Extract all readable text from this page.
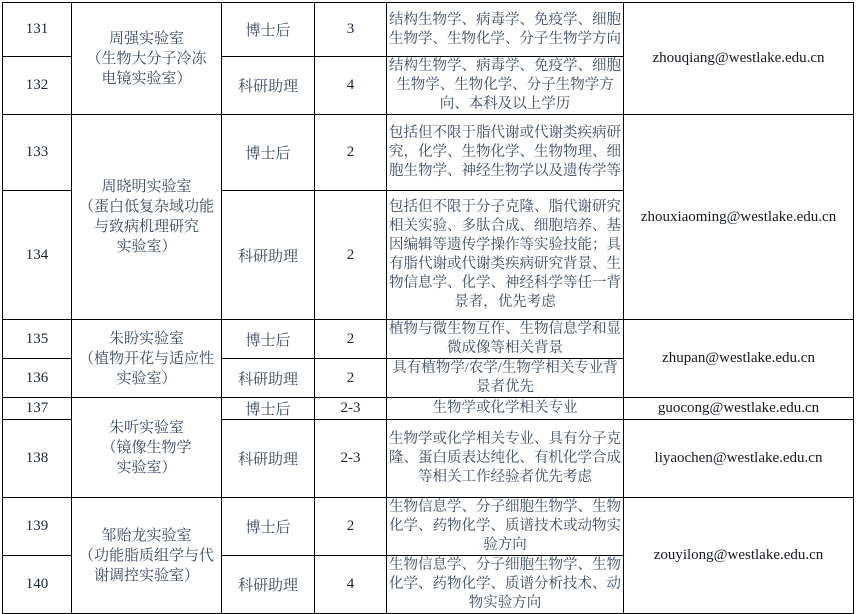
131	周强实验室
（生物大分子冷冻
电镜实验室）	博士后	3	结构生物学、病毒学、免疫学、细胞生物学、生物化学、分子生物学方向	zhouqiang@westlake.edu.cn
132		科研助理	4	结构生物学、病毒学、免疫学、细胞生物学、生物化学、分子生物学方向、本科及以上学历	
133	周晓明实验室
（蛋白低复杂域功能
与致病机理研究
实验室）	博士后	2	包括但不限于脂代谢或代谢类疾病研究，化学、生物化学、生物物理、细胞生物学、神经生物学以及遗传学等	zhouxiaoming@westlake.edu.cn
134		科研助理	2	包括但不限于分子克隆、脂代谢研究相关实验、多肽合成、细胞培养、基因编辑等遗传学操作等实验技能；具有脂代谢或代谢类疾病研究背景、生物信息学、化学、神经科学等任一背景者，优先考虑	
135	朱盼实验室
（植物开花与适应性
实验室）	博士后	2	植物与微生物互作、生物信息学和显微成像等相关背景	zhupan@westlake.edu.cn
136		科研助理	2	具有植物学/农学/生物学相关专业背景者优先	
137	朱听实验室
（镜像生物学
实验室）	博士后	2-3	生物学或化学相关专业	guocong@westlake.edu.cn
138		科研助理	2-3	生物学或化学相关专业、具有分子克隆、蛋白质表达纯化、有机化学合成等相关工作经验者优先考虑	liyaochen@westlake.edu.cn
139	邹贻龙实验室
（功能脂质组学与代
谢调控实验室）	博士后	2	生物信息学、分子细胞生物学、生物化学、药物化学、质谱技术或动物实验方向	zouyilong@westlake.edu.cn
140		科研助理	4	生物信息学、分子细胞生物学、生物化学、药物化学、质谱分析技术、动物实验方向	
